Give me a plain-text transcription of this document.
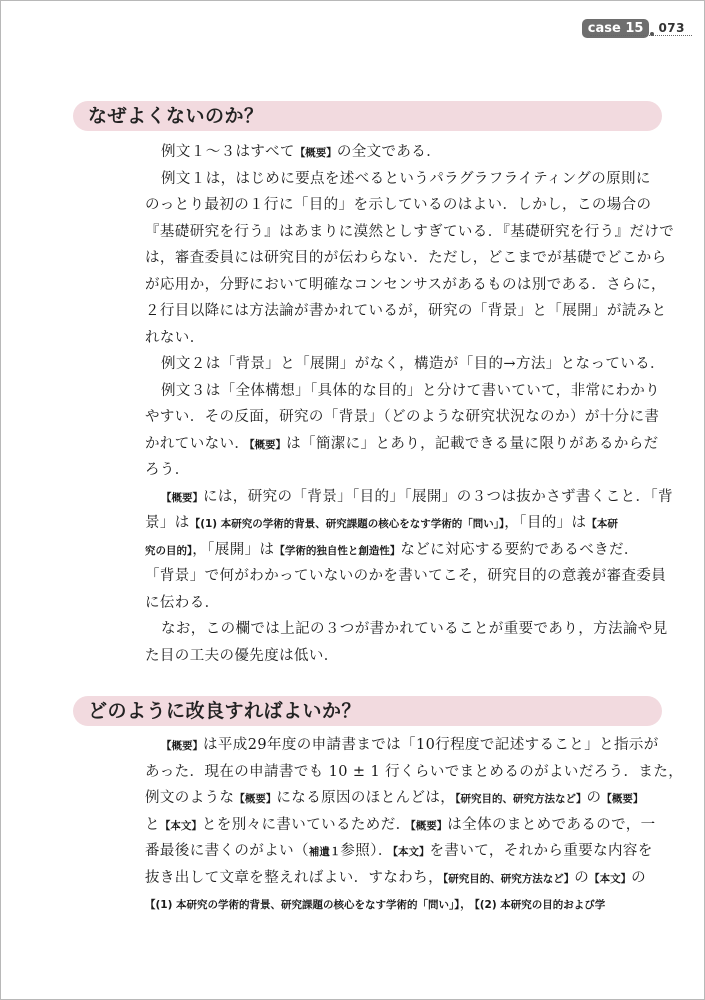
case 15	073
なぜよくないのか？
例文１〜３はすべて【概要】の全文である．
例文１は，はじめに要点を述べるというパラグラフライティングの原則に
のっとり最初の１行に「目的」を示しているのはよい．しかし，この場合の
『基礎研究を行う』はあまりに漠然としすぎている．『基礎研究を行う』だけで
は，審査委員には研究目的が伝わらない．ただし，どこまでが基礎でどこから
が応用か，分野において明確なコンセンサスがあるものは別である．さらに，
２行目以降には方法論が書かれているが，研究の「背景」と「展開」が読みと
れない．
例文２は「背景」と「展開」がなく，構造が「目的→方法」となっている．
例文３は「全体構想」「具体的な目的」と分けて書いていて，非常にわかり
やすい．その反面，研究の「背景」（どのような研究状況なのか）が十分に書
かれていない．【概要】は「簡潔に」とあり，記載できる量に限りがあるからだ
ろう．
【概要】には，研究の「背景」「目的」「展開」の３つは抜かさず書くこと．「背
景」は【(1) 本研究の学術的背景、研究課題の核心をなす学術的「問い」】，「目的」は【本研
究の目的】，「展開」は【学術的独自性と創造性】などに対応する要約であるべきだ．
「背景」で何がわかっていないのかを書いてこそ，研究目的の意義が審査委員
に伝わる．
なお，この欄では上記の３つが書かれていることが重要であり，方法論や見
た目の工夫の優先度は低い．
どのように改良すればよいか？
【概要】は平成29年度の申請書までは「10行程度で記述すること」と指示が
あった．現在の申請書でも 10 ± 1 行くらいでまとめるのがよいだろう．また，
例文のような【概要】になる原因のほとんどは，【研究目的、研究方法など】の【概要】
と【本文】とを別々に書いているためだ．【概要】は全体のまとめであるので，一
番最後に書くのがよい（補遺１参照）．【本文】を書いて，それから重要な内容を
抜き出して文章を整えればよい．すなわち，【研究目的、研究方法など】の【本文】の
【(1) 本研究の学術的背景、研究課題の核心をなす学術的「問い」】，【(2) 本研究の目的および学
